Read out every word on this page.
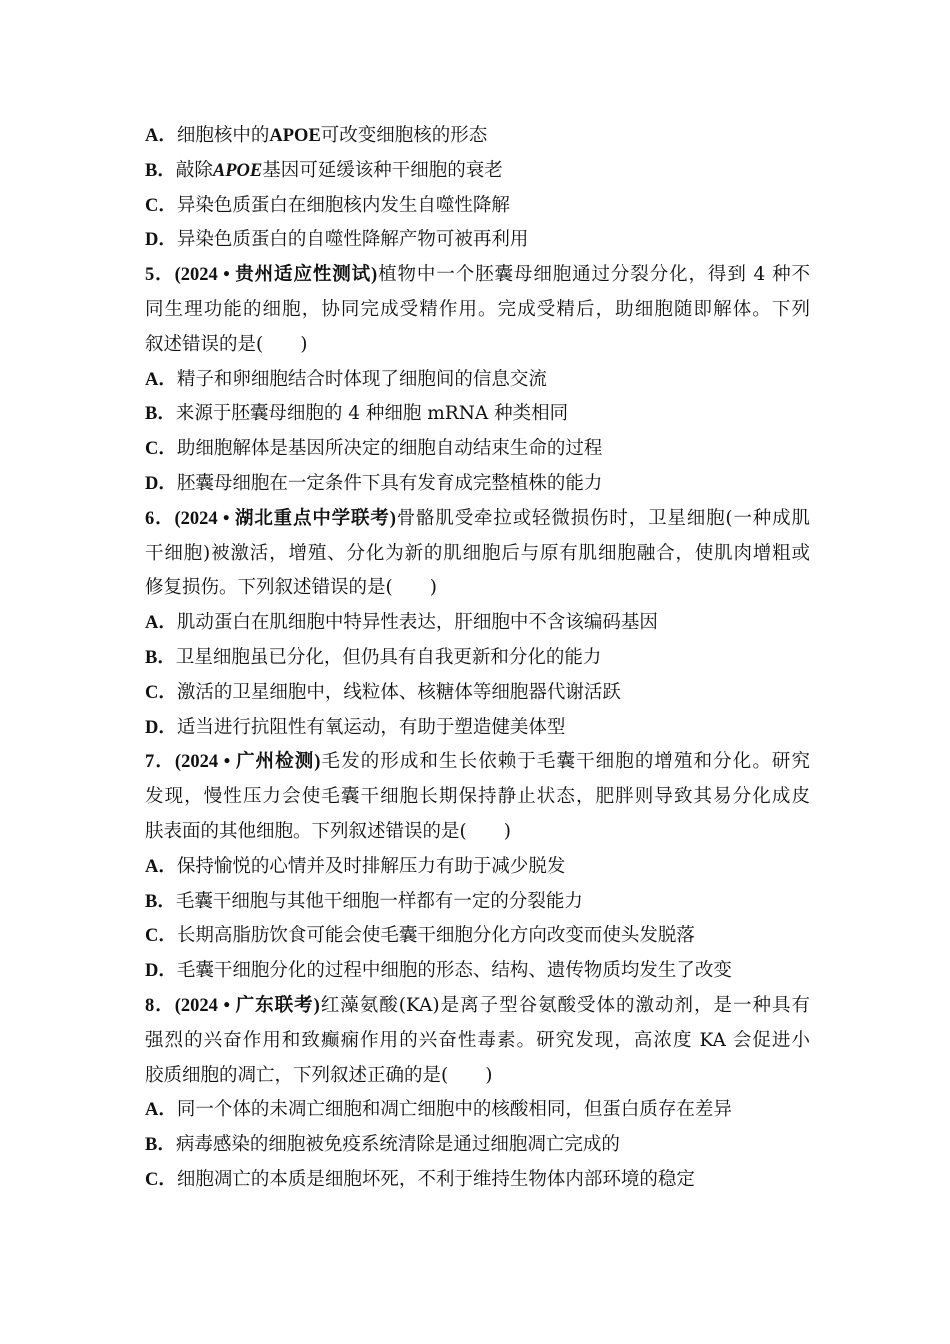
A．细胞核中的APOE可改变细胞核的形态
B．敲除APOE基因可延缓该种干细胞的衰老
C．异染色质蛋白在细胞核内发生自噬性降解
D．异染色质蛋白的自噬性降解产物可被再利用
5．(2024 • 贵州适应性测试)植物中一个胚囊母细胞通过分裂分化，得到 4 种不
同生理功能的细胞，协同完成受精作用。完成受精后，助细胞随即解体。下列
叙述错误的是(　　)
A．精子和卵细胞结合时体现了细胞间的信息交流
B．来源于胚囊母细胞的 4 种细胞 mRNA 种类相同
C．助细胞解体是基因所决定的细胞自动结束生命的过程
D．胚囊母细胞在一定条件下具有发育成完整植株的能力
6．(2024 • 湖北重点中学联考)骨骼肌受牵拉或轻微损伤时，卫星细胞(一种成肌
干细胞)被激活，增殖、分化为新的肌细胞后与原有肌细胞融合，使肌肉增粗或
修复损伤。下列叙述错误的是(　　)
A．肌动蛋白在肌细胞中特异性表达，肝细胞中不含该编码基因
B．卫星细胞虽已分化，但仍具有自我更新和分化的能力
C．激活的卫星细胞中，线粒体、核糖体等细胞器代谢活跃
D．适当进行抗阻性有氧运动，有助于塑造健美体型
7．(2024 • 广州检测)毛发的形成和生长依赖于毛囊干细胞的增殖和分化。研究
发现，慢性压力会使毛囊干细胞长期保持静止状态，肥胖则导致其易分化成皮
肤表面的其他细胞。下列叙述错误的是(　　)
A．保持愉悦的心情并及时排解压力有助于减少脱发
B．毛囊干细胞与其他干细胞一样都有一定的分裂能力
C．长期高脂肪饮食可能会使毛囊干细胞分化方向改变而使头发脱落
D．毛囊干细胞分化的过程中细胞的形态、结构、遗传物质均发生了改变
8．(2024 • 广东联考)红藻氨酸(KA)是离子型谷氨酸受体的激动剂，是一种具有
强烈的兴奋作用和致癫痫作用的兴奋性毒素。研究发现，高浓度 KA 会促进小
胶质细胞的凋亡，下列叙述正确的是(　　)
A．同一个体的未凋亡细胞和凋亡细胞中的核酸相同，但蛋白质存在差异
B．病毒感染的细胞被免疫系统清除是通过细胞凋亡完成的
C．细胞凋亡的本质是细胞坏死，不利于维持生物体内部环境的稳定
